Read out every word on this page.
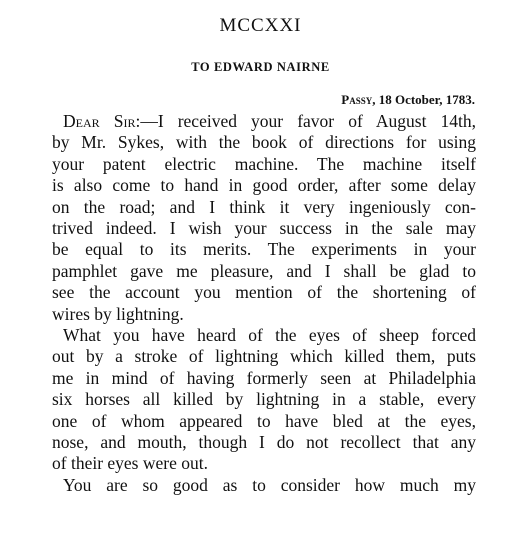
MCCXXI
TO EDWARD NAIRNE
Passy, 18 October, 1783.
Dear Sir:—I received your favor of August 14th,
by Mr. Sykes, with the book of directions for using
your patent electric machine. The machine itself
is also come to hand in good order, after some delay
on the road; and I think it very ingeniously con-
trived indeed. I wish your success in the sale may
be equal to its merits. The experiments in your
pamphlet gave me pleasure, and I shall be glad to
see the account you mention of the shortening of
wires by lightning.
What you have heard of the eyes of sheep forced
out by a stroke of lightning which killed them, puts
me in mind of having formerly seen at Philadelphia
six horses all killed by lightning in a stable, every
one of whom appeared to have bled at the eyes,
nose, and mouth, though I do not recollect that any
of their eyes were out.
You are so good as to consider how much my
